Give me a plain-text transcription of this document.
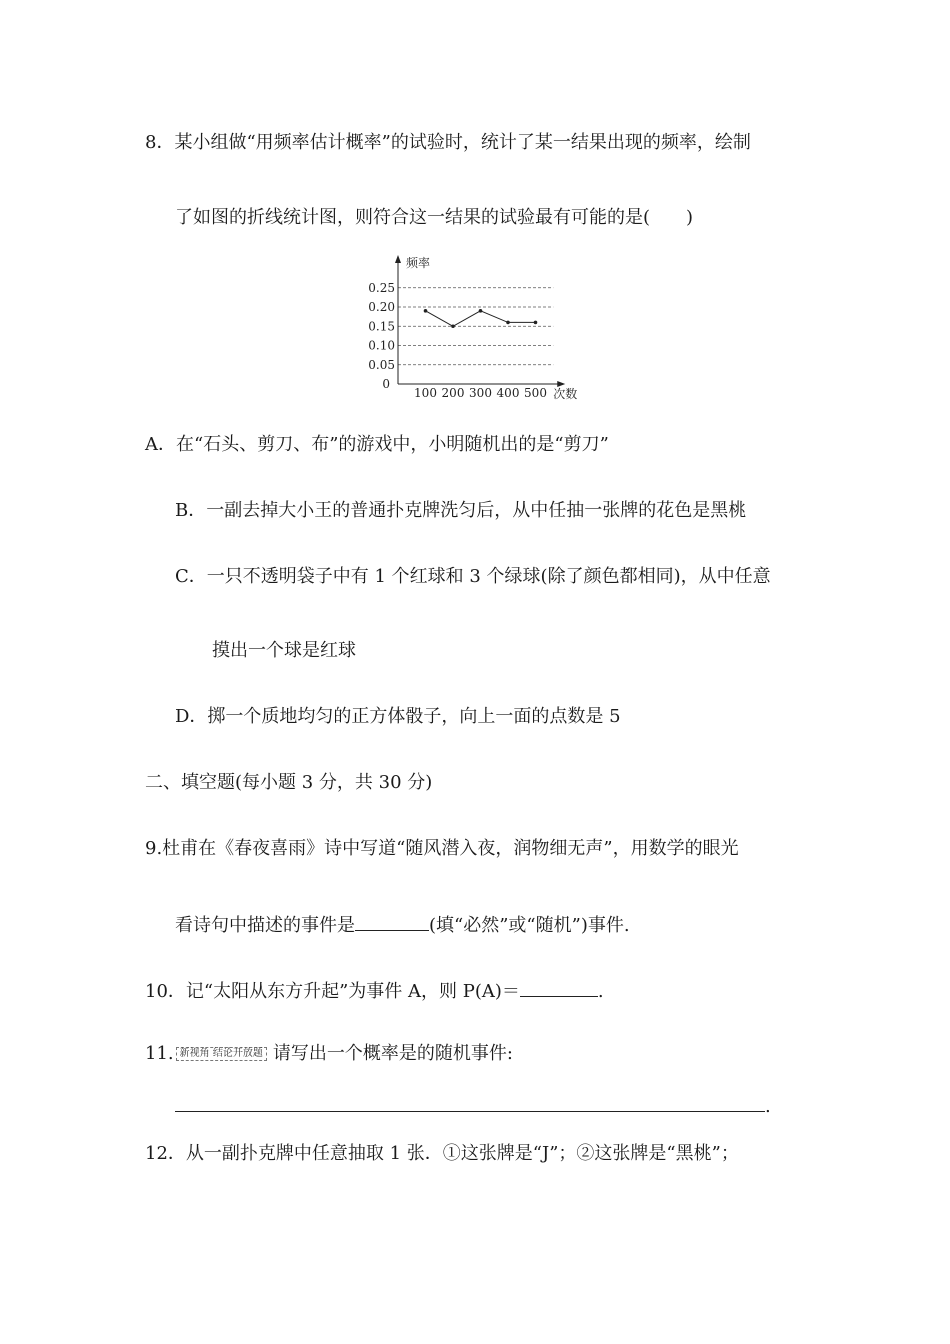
8．某小组做“用频率估计概率”的试验时，统计了某一结果出现的频率，绘制
了如图的折线统计图，则符合这一结果的试验最有可能的是(　　)
0.05
0.10
0.15
0.20
0.25
频率
次数
0
100 200 300 400 500
A．在“石头、剪刀、布”的游戏中，小明随机出的是“剪刀”
B．一副去掉大小王的普通扑克牌洗匀后，从中任抽一张牌的花色是黑桃
C．一只不透明袋子中有 1 个红球和 3 个绿球(除了颜色都相同)，从中任意
摸出一个球是红球
D．掷一个质地均匀的正方体骰子，向上一面的点数是 5
二、填空题(每小题 3 分，共 30 分)
9.杜甫在《春夜喜雨》诗中写道“随风潜入夜，润物细无声”，用数学的眼光
看诗句中描述的事件是	(填“必然”或“随机”)事件.
10．记“太阳从东方升起”为事件 A，则 P(A)＝	.
11. 新视角 结论开放题 请写出一个概率是的随机事件:
.
12．从一副扑克牌中任意抽取 1 张．①这张牌是“J”；②这张牌是“黑桃”；
